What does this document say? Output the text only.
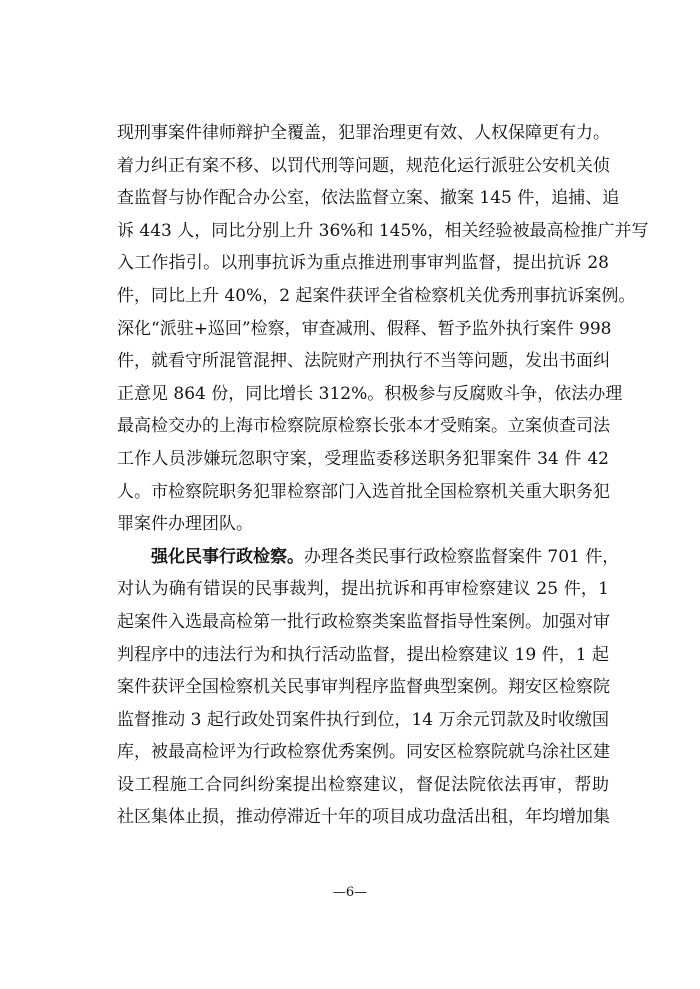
现刑事案件律师辩护全覆盖，犯罪治理更有效、人权保障更有力。
着力纠正有案不移、以罚代刑等问题，规范化运行派驻公安机关侦
查监督与协作配合办公室，依法监督立案、撤案 145 件，追捕、追
诉 443 人，同比分别上升 36%和 145%，相关经验被最高检推广并写
入工作指引。以刑事抗诉为重点推进刑事审判监督，提出抗诉 28
件，同比上升 40%，2 起案件获评全省检察机关优秀刑事抗诉案例。
深化“派驻+巡回”检察，审查减刑、假释、暂予监外执行案件 998
件，就看守所混管混押、法院财产刑执行不当等问题，发出书面纠
正意见 864 份，同比增长 312%。积极参与反腐败斗争，依法办理
最高检交办的上海市检察院原检察长张本才受贿案。立案侦查司法
工作人员涉嫌玩忽职守案，受理监委移送职务犯罪案件 34 件 42
人。市检察院职务犯罪检察部门入选首批全国检察机关重大职务犯
罪案件办理团队。
强化民事行政检察。办理各类民事行政检察监督案件 701 件，
对认为确有错误的民事裁判，提出抗诉和再审检察建议 25 件，1
起案件入选最高检第一批行政检察类案监督指导性案例。加强对审
判程序中的违法行为和执行活动监督，提出检察建议 19 件，1 起
案件获评全国检察机关民事审判程序监督典型案例。翔安区检察院
监督推动 3 起行政处罚案件执行到位，14 万余元罚款及时收缴国
库，被最高检评为行政检察优秀案例。同安区检察院就乌涂社区建
设工程施工合同纠纷案提出检察建议，督促法院依法再审，帮助
社区集体止损，推动停滞近十年的项目成功盘活出租，年均增加集
—6—
